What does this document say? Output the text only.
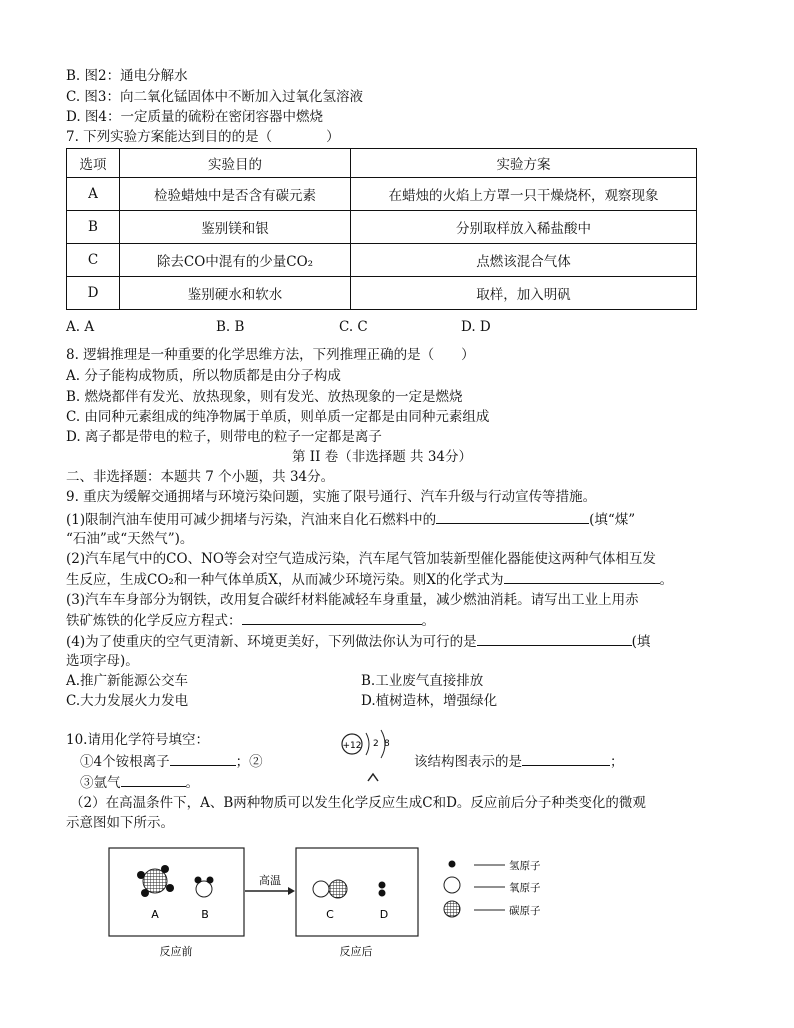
B. 图2：通电分解水
C. 图3：向二氧化锰固体中不断加入过氧化氢溶液
D. 图4：一定质量的硫粉在密闭容器中燃烧
7. 下列实验方案能达到目的的是（　　　　）
选项	实验目的	实验方案
A	检验蜡烛中是否含有碳元素	在蜡烛的火焰上方罩一只干燥烧杯，观察现象
B	鉴别镁和银	分别取样放入稀盐酸中
C	除去CO中混有的少量CO₂	点燃该混合气体
D	鉴别硬水和软水	取样，加入明矾
A. A	B. B	C. C	D. D
8. 逻辑推理是一种重要的化学思维方法，下列推理正确的是（　　）
A. 分子能构成物质，所以物质都是由分子构成
B. 燃烧都伴有发光、放热现象，则有发光、放热现象的一定是燃烧
C. 由同种元素组成的纯净物属于单质，则单质一定都是由同种元素组成
D. 离子都是带电的粒子，则带电的粒子一定都是离子
第 II 卷（非选择题 共 34分）
二、非选择题：本题共 7 个小题，共 34分。
9. 重庆为缓解交通拥堵与环境污染问题，实施了限号通行、汽车升级与行动宣传等措施。
(1)限制汽油车使用可减少拥堵与污染，汽油来自化石燃料中的	(填“煤”
“石油”或“天然气”)。
(2)汽车尾气中的CO、NO等会对空气造成污染，汽车尾气管加装新型催化器能使这两种气体相互发
生反应，生成CO₂和一种气体单质X，从而减少环境污染。则X的化学式为	。
(3)汽车车身部分为钢铁，改用复合碳纤材料能减轻车身重量，减少燃油消耗。请写出工业上用赤
铁矿炼铁的化学反应方程式：	。
(4)为了使重庆的空气更清新、环境更美好，下列做法你认为可行的是	(填
选项字母)。
A.推广新能源公交车	B.工业废气直接排放
C.大力发展火力发电	D.植树造林，增强绿化
10.请用化学符号填空：
①4个铵根离子	；②	该结构图表示的是	；
③氩气	。
（2）在高温条件下，A、B两种物质可以发生化学反应生成C和D。反应前后分子种类变化的微观
示意图如下所示。
+12 2 8
A	B
反应前
高温
C	D
反应后
氢原子
氧原子
碳原子
